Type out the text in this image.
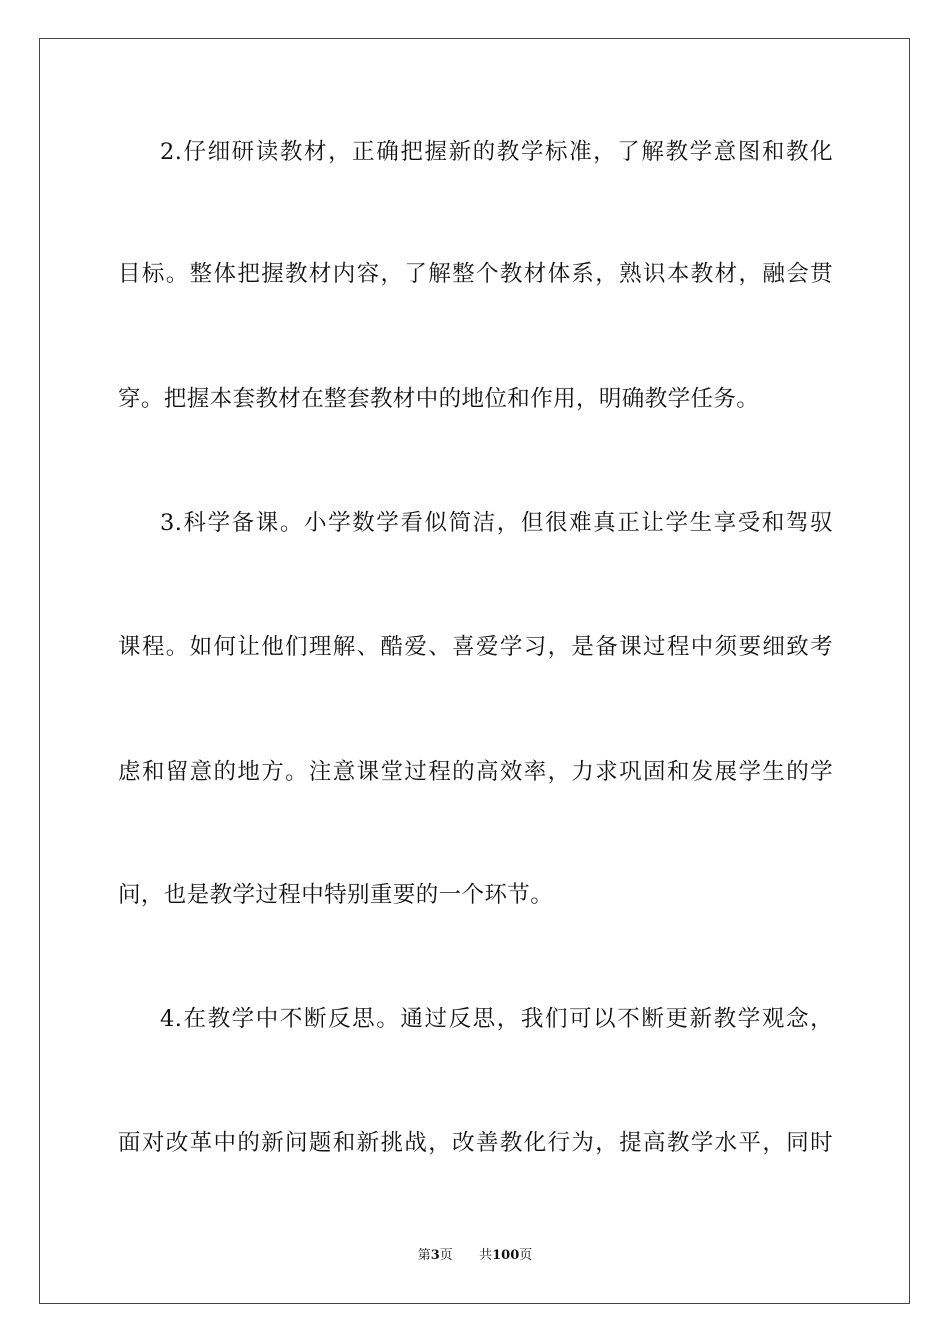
2.仔细研读教材，正确把握新的教学标准，了解教学意图和教化

目标。整体把握教材内容，了解整个教材体系，熟识本教材，融会贯

穿。把握本套教材在整套教材中的地位和作用，明确教学任务。

3.科学备课。小学数学看似简洁，但很难真正让学生享受和驾驭

课程。如何让他们理解、酷爱、喜爱学习，是备课过程中须要细致考

虑和留意的地方。注意课堂过程的高效率，力求巩固和发展学生的学

问，也是教学过程中特别重要的一个环节。

4.在教学中不断反思。通过反思，我们可以不断更新教学观念，

面对改革中的新问题和新挑战，改善教化行为，提高教学水平，同时

第3页 共100页
